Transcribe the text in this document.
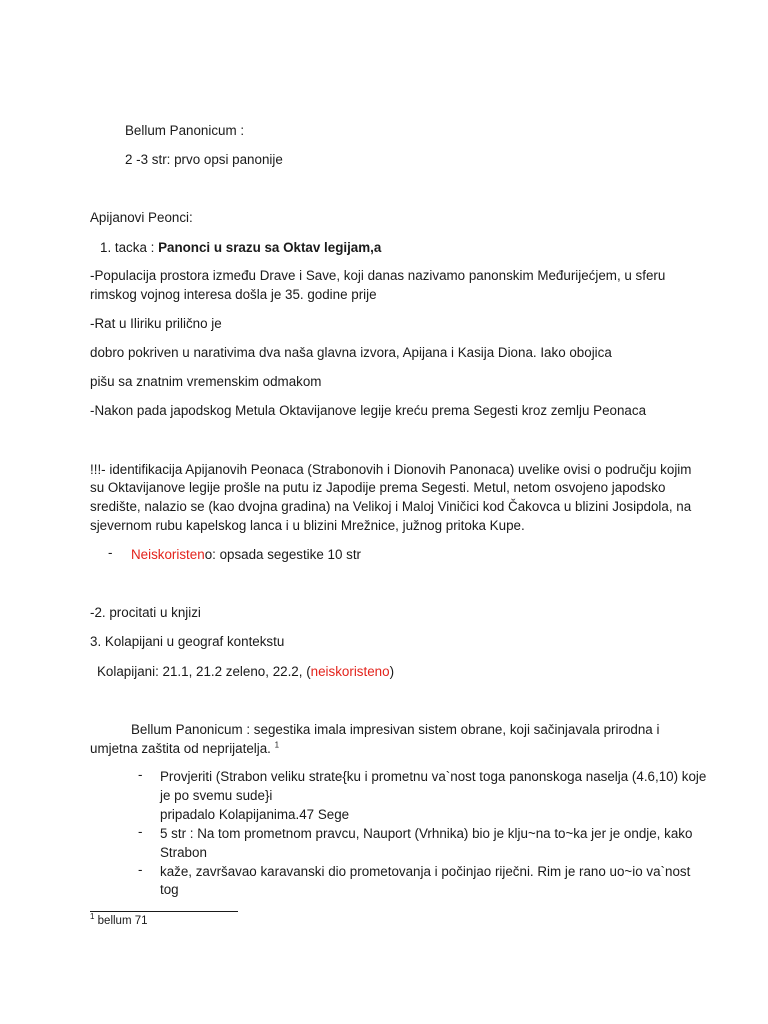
Bellum Panonicum :
2 -3 str: prvo opsi panonije
Apijanovi Peonci:
1. tacka : Panonci u srazu sa Oktav legijam,a
-Populacija prostora između Drave i Save, koji danas nazivamo panonskim Međurijećjem, u sferu
rimskog vojnog interesa došla je 35. godine prije
-Rat u Iliriku prilično je
dobro pokriven u narativima dva naša glavna izvora, Apijana i Kasija Diona. Iako obojica
pišu sa znatnim vremenskim odmakom
-Nakon pada japodskog Metula Oktavijanove legije kreću prema Segesti kroz zemlju Peonaca
!!!- identifikacija Apijanovih Peonaca (Strabonovih i Dionovih Panonaca) uvelike ovisi o području kojim
su Oktavijanove legije prošle na putu iz Japodije prema Segesti. Metul, netom osvojeno japodsko
središte, nalazio se (kao dvojna gradina) na Velikoj i Maloj Viničici kod Čakovca u blizini Josipdola, na
sjevernom rubu kapelskog lanca i u blizini Mrežnice, južnog pritoka Kupe.
- Neiskoristeno: opsada segestike 10 str
-2. procitati u knjizi
3. Kolapijani u geograf kontekstu
Kolapijani: 21.1, 21.2 zeleno, 22.2, (neiskoristeno)
Bellum Panonicum : segestika imala impresivan sistem obrane, koji sačinjavala prirodna i
umjetna zaštita od neprijatelja. $^1$
- Provjeriti (Strabon veliku strate{ku i prometnu va`nost toga panonskoga naselja (4.6,10) koje
je po svemu sude}i
pripadalo Kolapijanima.47 Sege
- 5 str : Na tom prometnom pravcu, Nauport (Vrhnika) bio je klju~na to~ka jer je ondje, kako
Strabon
- kaže, završavao karavanski dio prometovanja i počinjao riječni. Rim je rano uo~io va`nost
tog
$^1$ bellum 71
